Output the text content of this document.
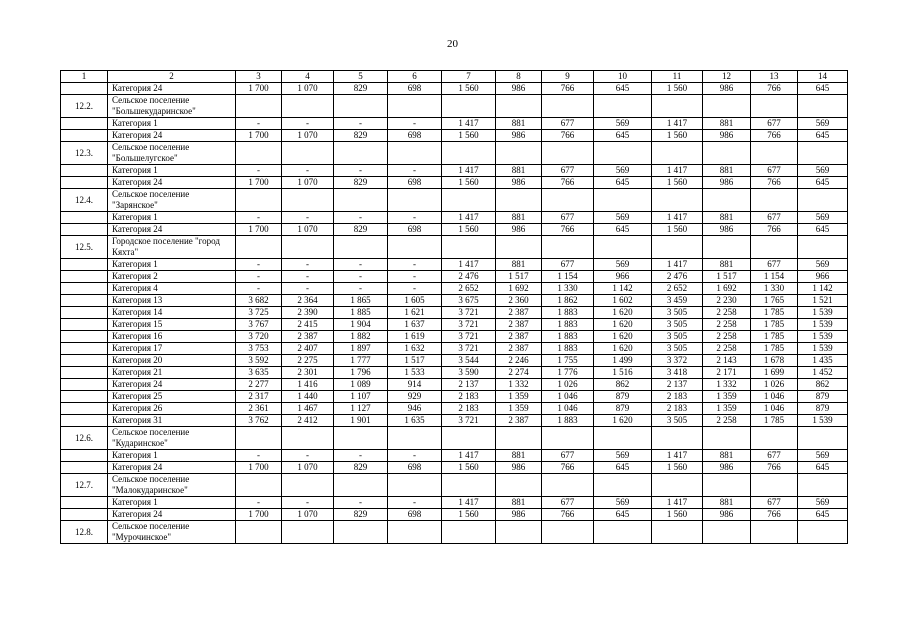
20
1	2	3	4	5	6	7	8	9	10	11	12	13	14
	Категория 24	1 700	1 070	829	698	1 560	986	766	645	1 560	986	766	645
12.2.	Сельское поселение "Большекударинское"												
	Категория 1	-	-	-	-	1 417	881	677	569	1 417	881	677	569
	Категория 24	1 700	1 070	829	698	1 560	986	766	645	1 560	986	766	645
12.3.	Сельское поселение "Большелугское"												
	Категория 1	-	-	-	-	1 417	881	677	569	1 417	881	677	569
	Категория 24	1 700	1 070	829	698	1 560	986	766	645	1 560	986	766	645
12.4.	Сельское поселение "Зарянское"												
	Категория 1	-	-	-	-	1 417	881	677	569	1 417	881	677	569
	Категория 24	1 700	1 070	829	698	1 560	986	766	645	1 560	986	766	645
12.5.	Городское поселение "город Кяхта"												
	Категория 1	-	-	-	-	1 417	881	677	569	1 417	881	677	569
	Категория 2	-	-	-	-	2 476	1 517	1 154	966	2 476	1 517	1 154	966
	Категория 4	-	-	-	-	2 652	1 692	1 330	1 142	2 652	1 692	1 330	1 142
	Категория 13	3 682	2 364	1 865	1 605	3 675	2 360	1 862	1 602	3 459	2 230	1 765	1 521
	Категория 14	3 725	2 390	1 885	1 621	3 721	2 387	1 883	1 620	3 505	2 258	1 785	1 539
	Категория 15	3 767	2 415	1 904	1 637	3 721	2 387	1 883	1 620	3 505	2 258	1 785	1 539
	Категория 16	3 720	2 387	1 882	1 619	3 721	2 387	1 883	1 620	3 505	2 258	1 785	1 539
	Категория 17	3 753	2 407	1 897	1 632	3 721	2 387	1 883	1 620	3 505	2 258	1 785	1 539
	Категория 20	3 592	2 275	1 777	1 517	3 544	2 246	1 755	1 499	3 372	2 143	1 678	1 435
	Категория 21	3 635	2 301	1 796	1 533	3 590	2 274	1 776	1 516	3 418	2 171	1 699	1 452
	Категория 24	2 277	1 416	1 089	914	2 137	1 332	1 026	862	2 137	1 332	1 026	862
	Категория 25	2 317	1 440	1 107	929	2 183	1 359	1 046	879	2 183	1 359	1 046	879
	Категория 26	2 361	1 467	1 127	946	2 183	1 359	1 046	879	2 183	1 359	1 046	879
	Категория 31	3 762	2 412	1 901	1 635	3 721	2 387	1 883	1 620	3 505	2 258	1 785	1 539
12.6.	Сельское поселение "Кударинское"												
	Категория 1	-	-	-	-	1 417	881	677	569	1 417	881	677	569
	Категория 24	1 700	1 070	829	698	1 560	986	766	645	1 560	986	766	645
12.7.	Сельское поселение "Малокударинское"												
	Категория 1	-	-	-	-	1 417	881	677	569	1 417	881	677	569
	Категория 24	1 700	1 070	829	698	1 560	986	766	645	1 560	986	766	645
12.8.	Сельское поселение "Мурочинское"												
